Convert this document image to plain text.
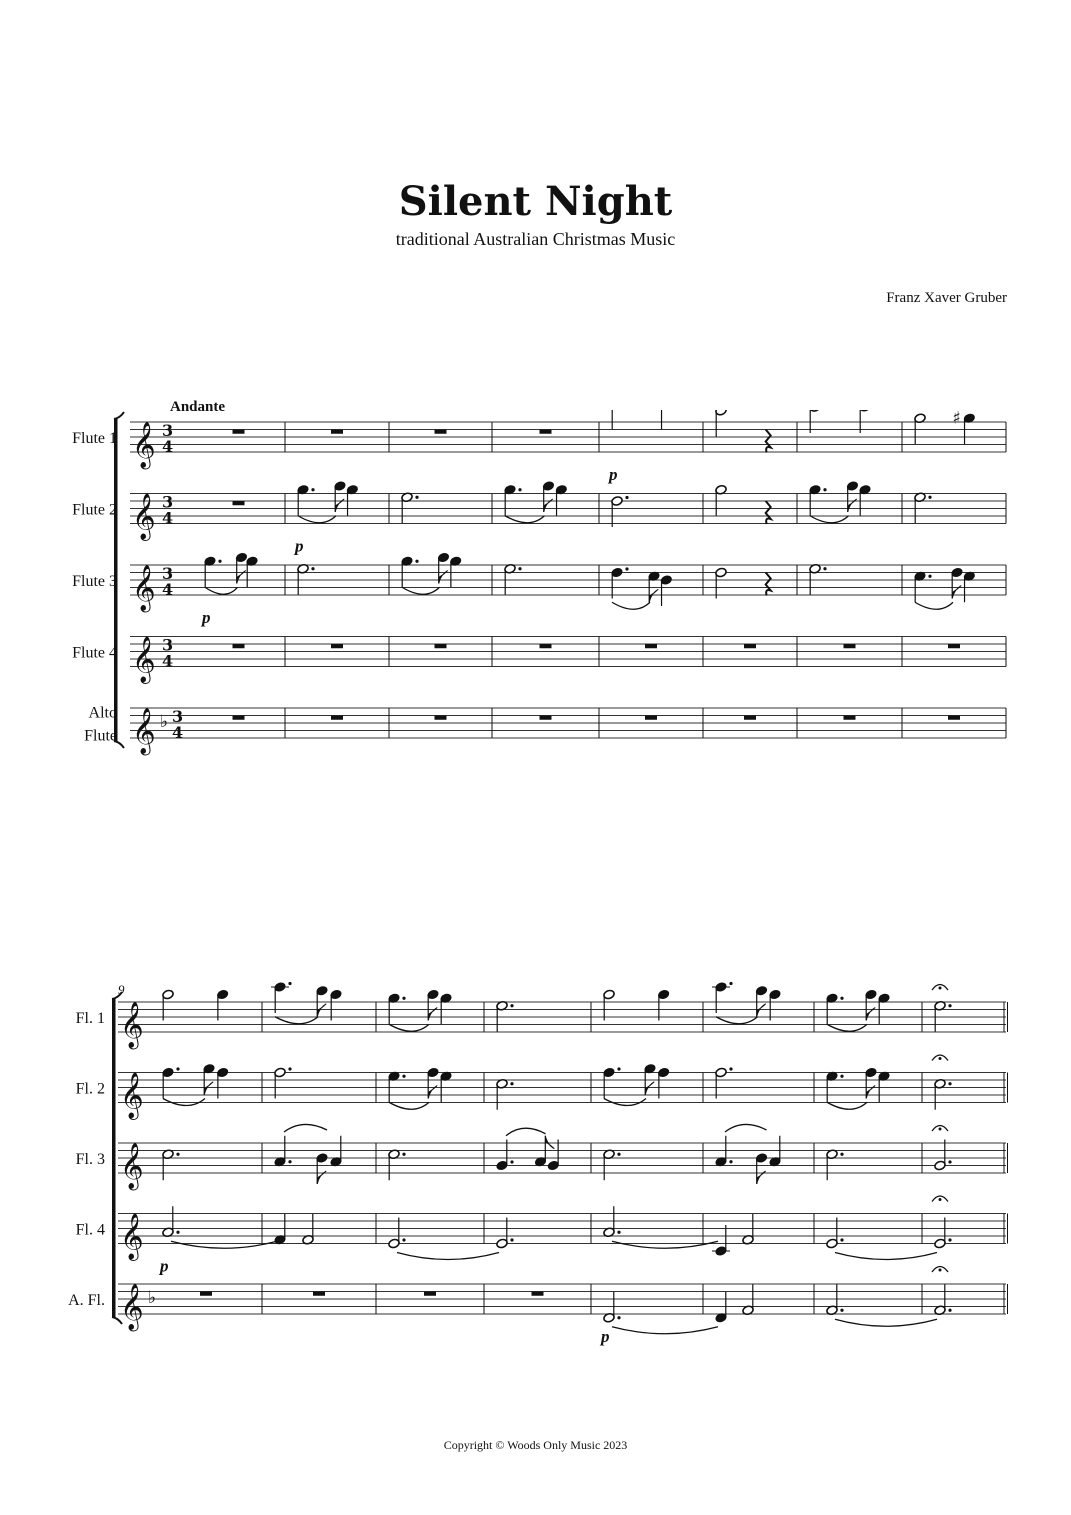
Silent Night
traditional Australian Christmas Music
Franz Xaver Gruber
Andante
Flute 1 𝄞 3
4
p
♯
Flute 2 𝄞 3
4
p
Flute 3 𝄞 3
4
p
Flute 4 𝄞 3
4
Alto
Flute 𝄞 ♭ 3
4
9
Fl. 1 𝄞
Fl. 2 𝄞
Fl. 3 𝄞
Fl. 4 𝄞
p
A. Fl. 𝄞 ♭
p
Copyright © Woods Only Music 2023
